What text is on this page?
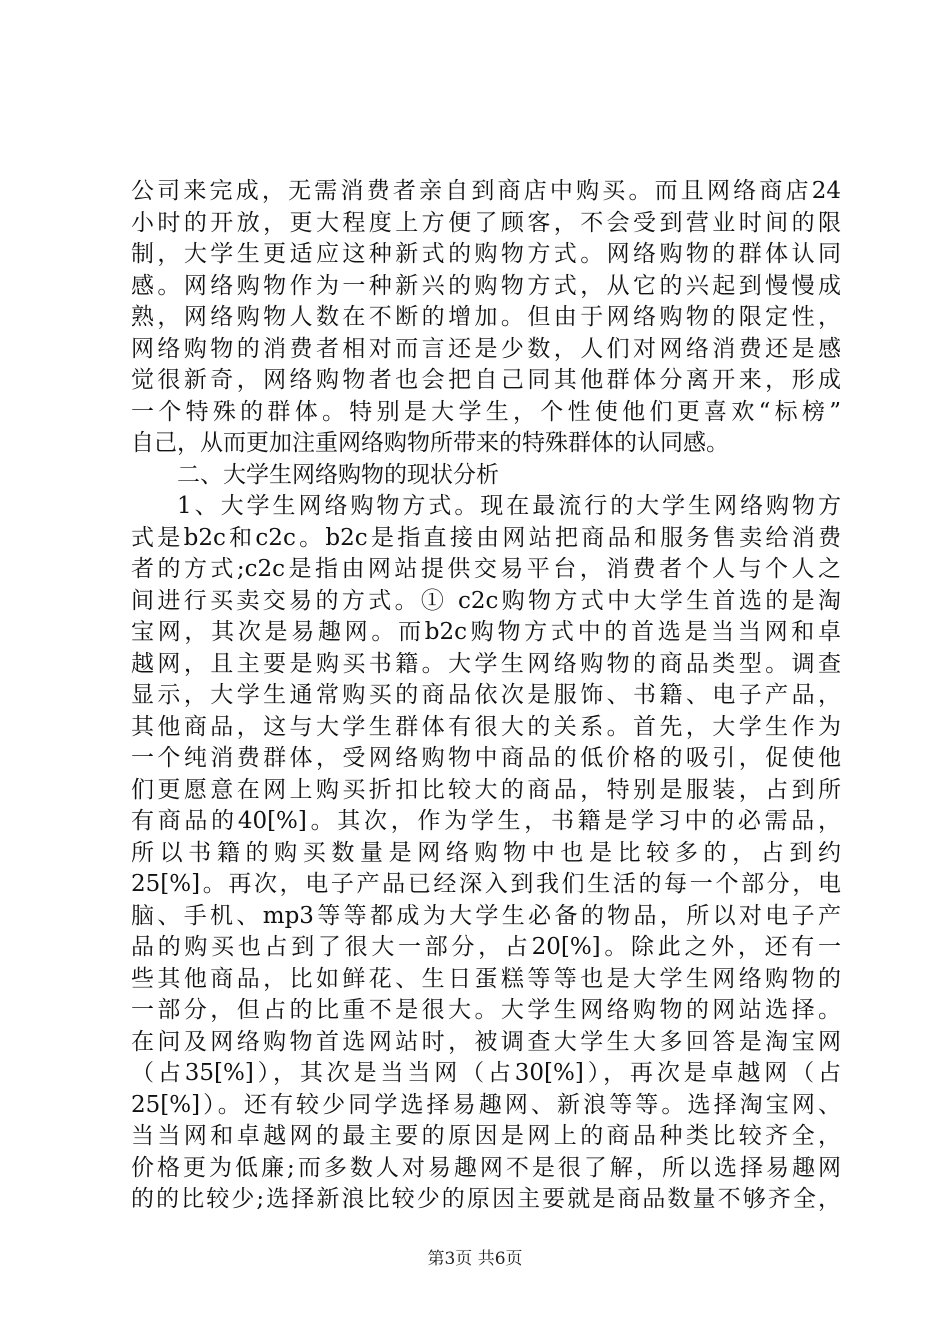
公司来完成，无需消费者亲自到商店中购买。而且网络商店24
小时的开放，更大程度上方便了顾客，不会受到营业时间的限
制，大学生更适应这种新式的购物方式。网络购物的群体认同
感。网络购物作为一种新兴的购物方式，从它的兴起到慢慢成
熟，网络购物人数在不断的增加。但由于网络购物的限定性，
网络购物的消费者相对而言还是少数，人们对网络消费还是感
觉很新奇，网络购物者也会把自己同其他群体分离开来，形成
一个特殊的群体。特别是大学生，个性使他们更喜欢“标榜”
自己，从而更加注重网络购物所带来的特殊群体的认同感。
二、大学生网络购物的现状分析
1、大学生网络购物方式。现在最流行的大学生网络购物方
式是b2c和c2c。b2c是指直接由网站把商品和服务售卖给消费
者的方式;c2c是指由网站提供交易平台，消费者个人与个人之
间进行买卖交易的方式。① c2c购物方式中大学生首选的是淘
宝网，其次是易趣网。而b2c购物方式中的首选是当当网和卓
越网，且主要是购买书籍。大学生网络购物的商品类型。调查
显示，大学生通常购买的商品依次是服饰、书籍、电子产品，
其他商品，这与大学生群体有很大的关系。首先，大学生作为
一个纯消费群体，受网络购物中商品的低价格的吸引，促使他
们更愿意在网上购买折扣比较大的商品，特别是服装，占到所
有商品的40[%]。其次，作为学生，书籍是学习中的必需品，
所以书籍的购买数量是网络购物中也是比较多的，占到约
25[%]。再次，电子产品已经深入到我们生活的每一个部分，电
脑、手机、mp3等等都成为大学生必备的物品，所以对电子产
品的购买也占到了很大一部分，占20[%]。除此之外，还有一
些其他商品，比如鲜花、生日蛋糕等等也是大学生网络购物的
一部分，但占的比重不是很大。大学生网络购物的网站选择。
在问及网络购物首选网站时，被调查大学生大多回答是淘宝网
（占35[%]），其次是当当网（占30[%]），再次是卓越网（占
25[%]）。还有较少同学选择易趣网、新浪等等。选择淘宝网、
当当网和卓越网的最主要的原因是网上的商品种类比较齐全，
价格更为低廉;而多数人对易趣网不是很了解，所以选择易趣网
的的比较少;选择新浪比较少的原因主要就是商品数量不够齐全，
第3页 共6页
